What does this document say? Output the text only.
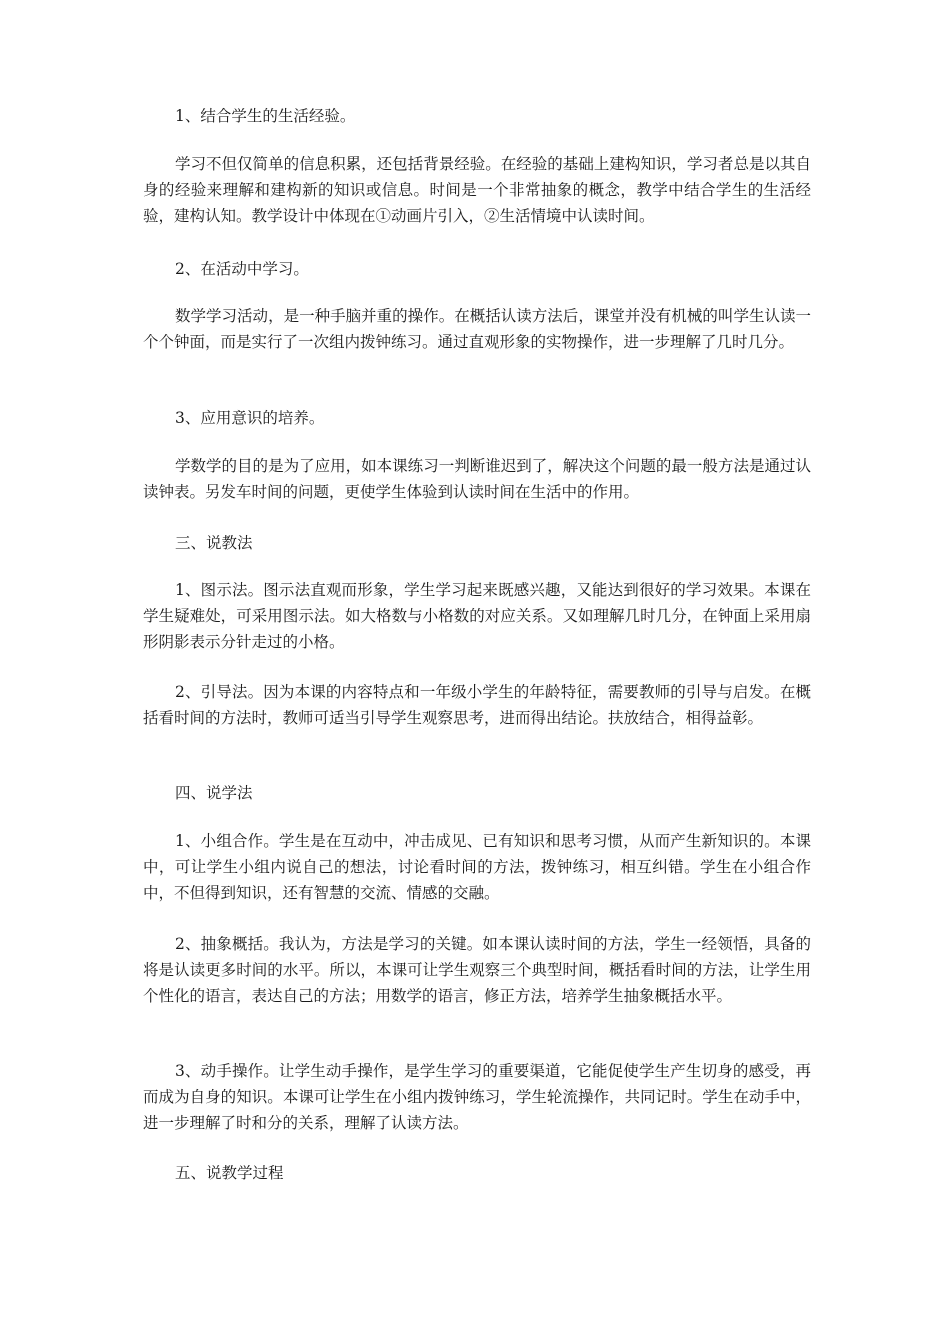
1、结合学生的生活经验。

学习不但仅简单的信息积累，还包括背景经验。在经验的基础上建构知识，学习者总是以其自身的经验来理解和建构新的知识或信息。时间是一个非常抽象的概念，教学中结合学生的生活经验，建构认知。教学设计中体现在①动画片引入，②生活情境中认读时间。

2、在活动中学习。

数学学习活动，是一种手脑并重的操作。在概括认读方法后，课堂并没有机械的叫学生认读一个个钟面，而是实行了一次组内拨钟练习。通过直观形象的实物操作，进一步理解了几时几分。

3、应用意识的培养。

学数学的目的是为了应用，如本课练习一判断谁迟到了，解决这个问题的最一般方法是通过认读钟表。另发车时间的问题，更使学生体验到认读时间在生活中的作用。

三、说教法

1、图示法。图示法直观而形象，学生学习起来既感兴趣，又能达到很好的学习效果。本课在学生疑难处，可采用图示法。如大格数与小格数的对应关系。又如理解几时几分，在钟面上采用扇形阴影表示分针走过的小格。

2、引导法。因为本课的内容特点和一年级小学生的年龄特征，需要教师的引导与启发。在概括看时间的方法时，教师可适当引导学生观察思考，进而得出结论。扶放结合，相得益彰。

四、说学法

1、小组合作。学生是在互动中，冲击成见、已有知识和思考习惯，从而产生新知识的。本课中，可让学生小组内说自己的想法，讨论看时间的方法，拨钟练习，相互纠错。学生在小组合作中，不但得到知识，还有智慧的交流、情感的交融。

2、抽象概括。我认为，方法是学习的关键。如本课认读时间的方法，学生一经领悟，具备的将是认读更多时间的水平。所以，本课可让学生观察三个典型时间，概括看时间的方法，让学生用个性化的语言，表达自己的方法；用数学的语言，修正方法，培养学生抽象概括水平。

3、动手操作。让学生动手操作，是学生学习的重要渠道，它能促使学生产生切身的感受，再而成为自身的知识。本课可让学生在小组内拨钟练习，学生轮流操作，共同记时。学生在动手中，进一步理解了时和分的关系，理解了认读方法。

五、说教学过程
